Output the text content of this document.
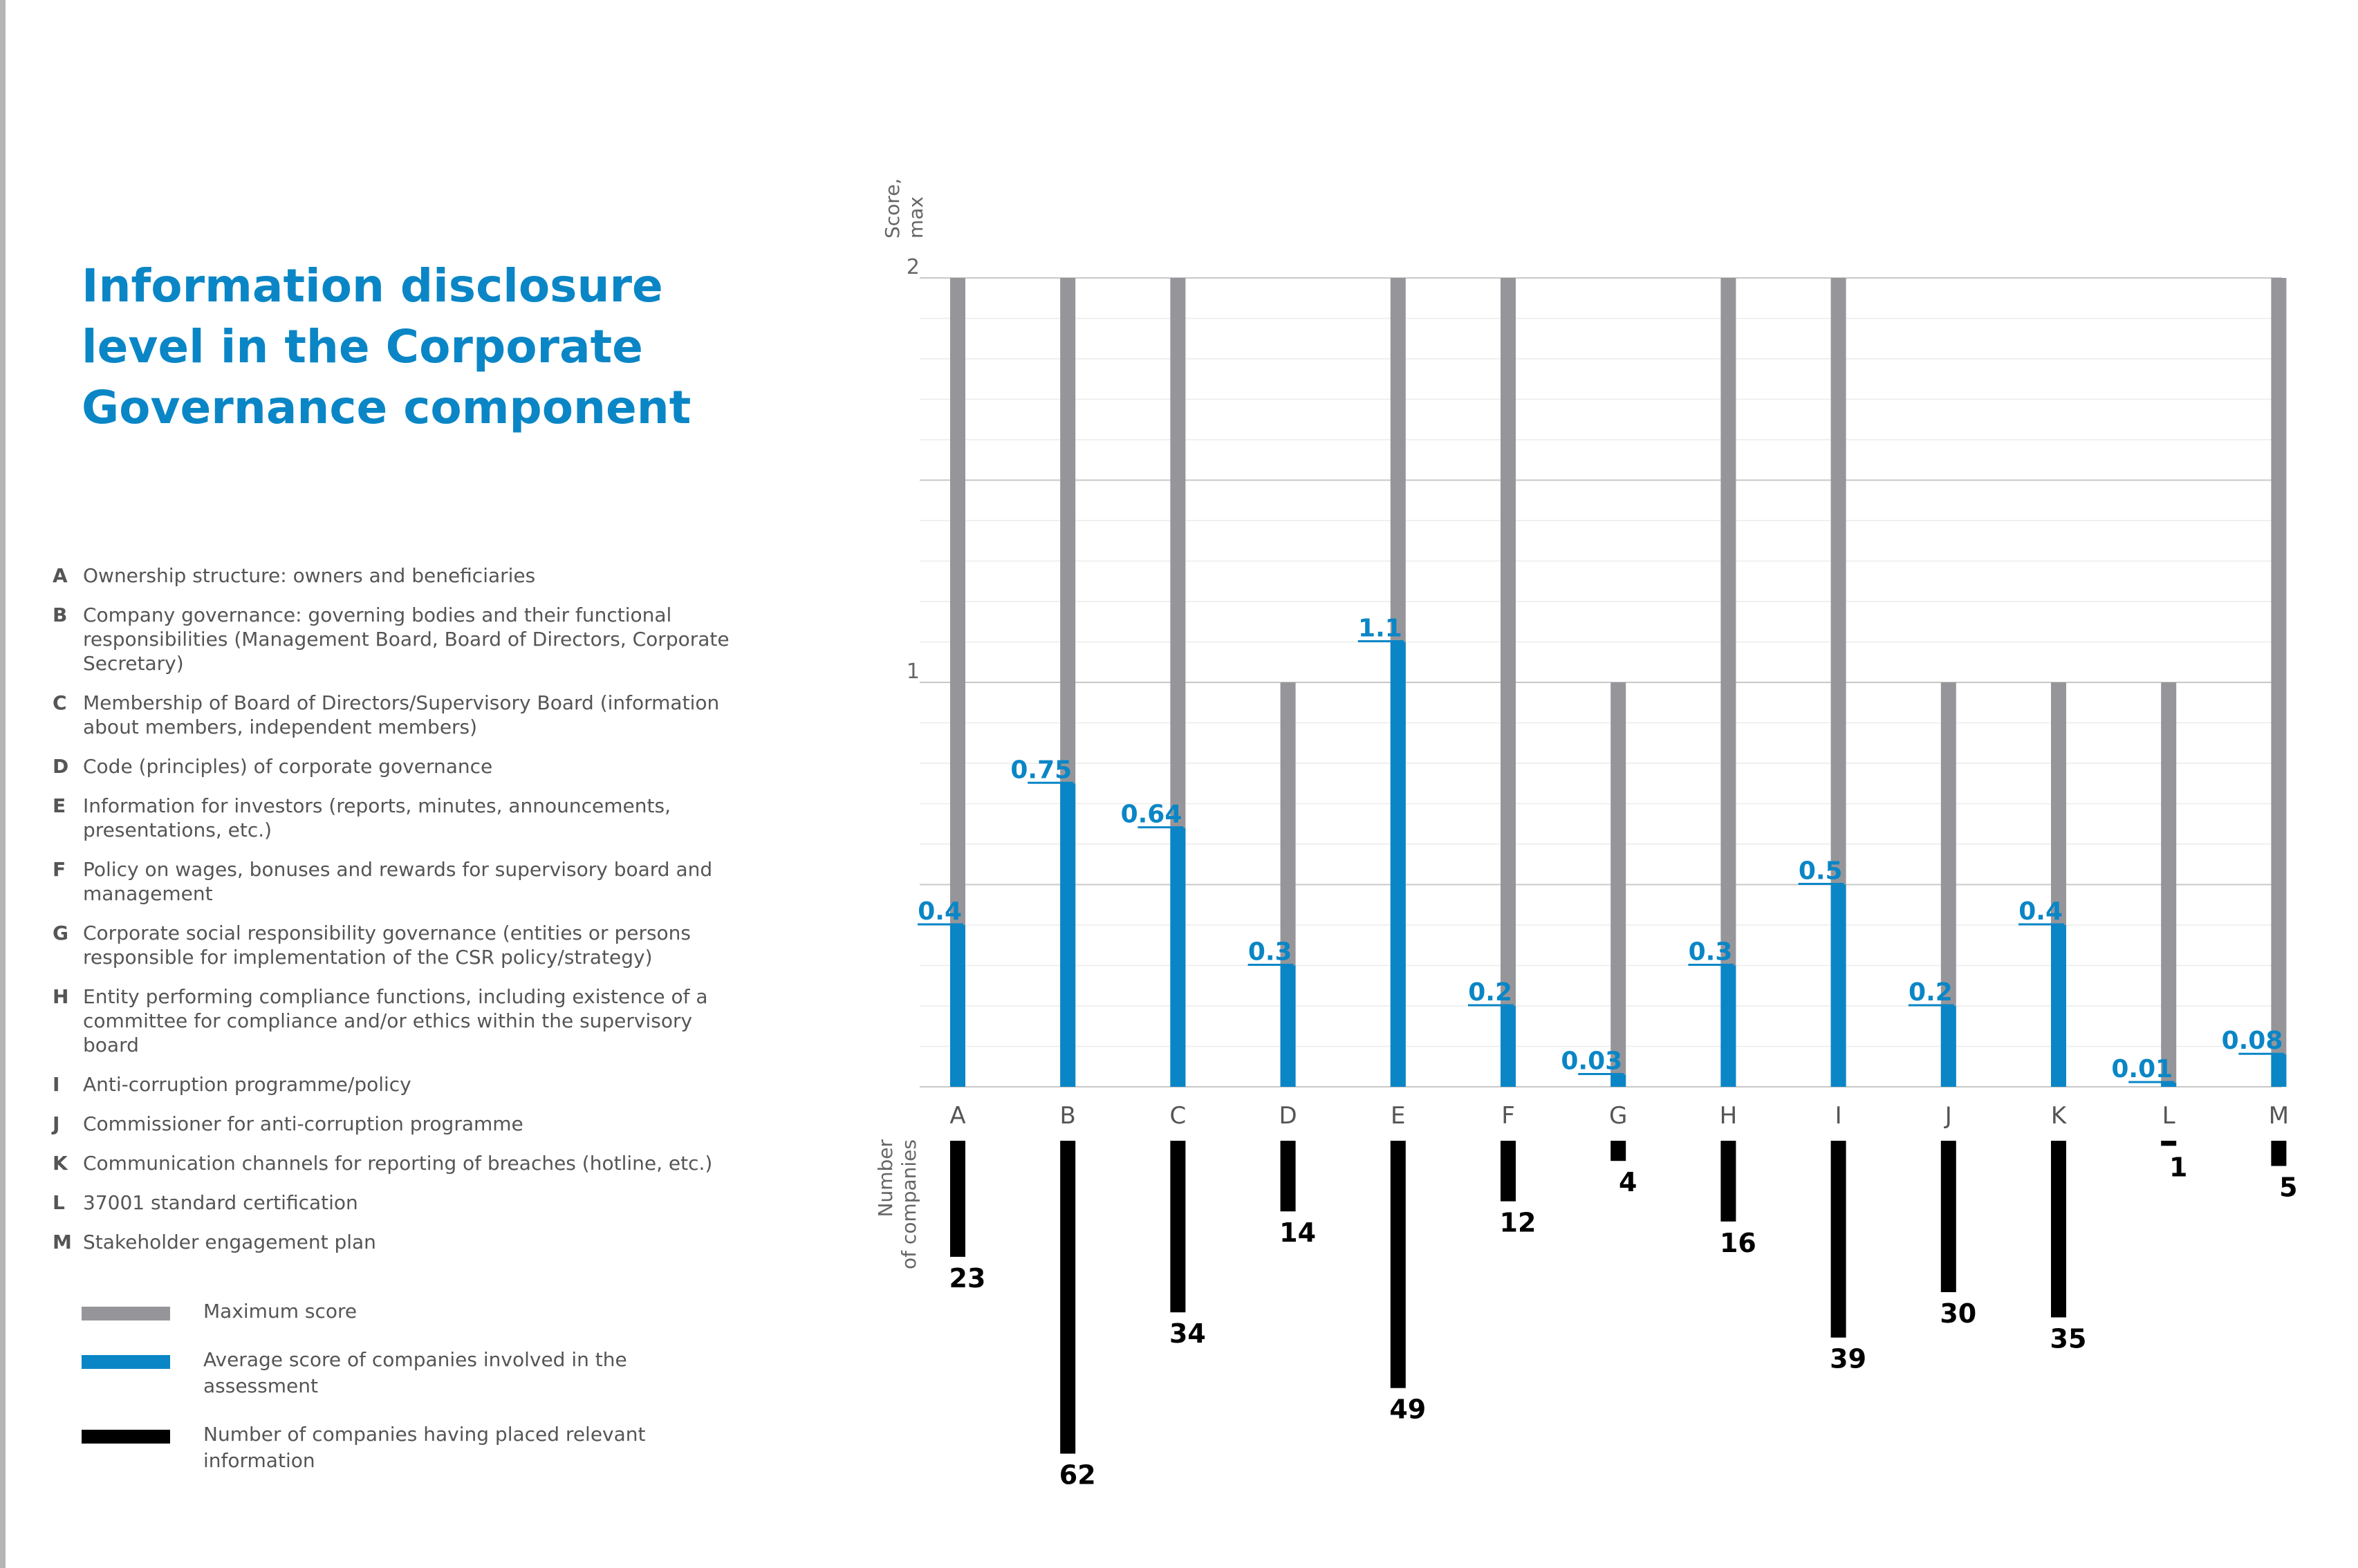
Information disclosure level in the Corporate Governance component
A Ownership structure: owners and beneficiaries
B Company governance: governing bodies and their functional responsibilities (Management Board, Board of Directors, Corporate Secretary)
C Membership of Board of Directors/Supervisory Board (information about members, independent members)
D Code (principles) of corporate governance
E Information for investors (reports, minutes, announcements, presentations, etc.)
F Policy on wages, bonuses and rewards for supervisory board and management
G Corporate social responsibility governance (entities or persons responsible for implementation of the CSR policy/strategy)
H Entity performing compliance functions, including existence of a committee for compliance and/or ethics within the supervisory board
I	Anti-corruption programme/policy
J	Commissioner for anti-corruption programme
K Communication channels for reporting of breaches (hotline, etc.)
L 37001 standard certification
M Stakeholder engagement plan
Maximum score
Average score of companies involved in the assessment
Number of companies having placed relevant information
1
2
Score,max
Numberof companies
A	B	C	D	E	F	G	H	I	J	K	L	M
0.4
0.75
0.64
0.3
1.1
0.2
0.03
0.3
0.5
0.2
0.4
0.01
0.08
23
62
34
14
49
12
4
16
39
30
35
1
5
